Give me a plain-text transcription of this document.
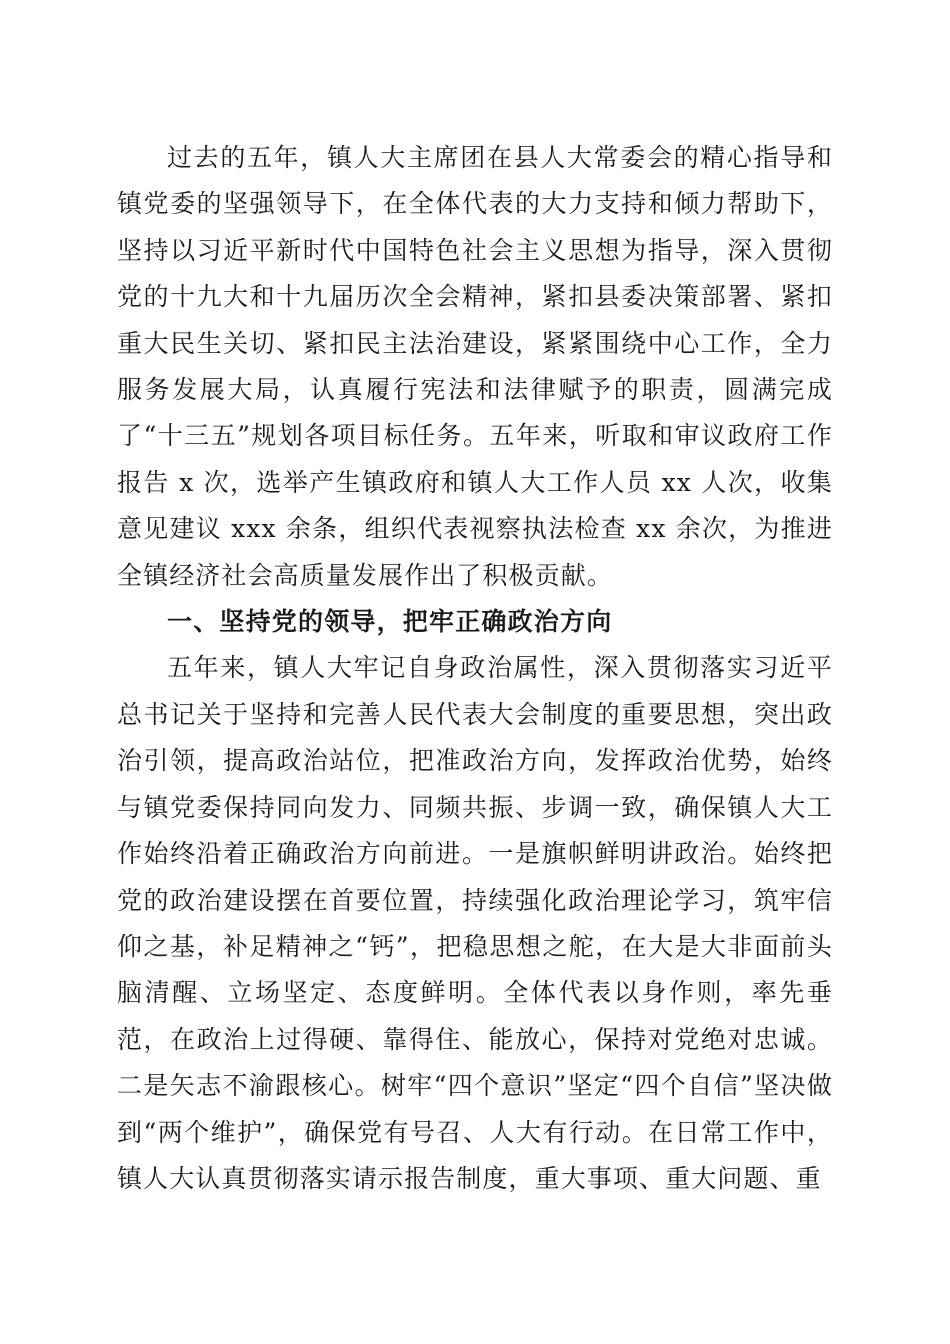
过去的五年，镇人大主席团在县人大常委会的精心指导和镇党委的坚强领导下，在全体代表的大力支持和倾力帮助下，坚持以习近平新时代中国特色社会主义思想为指导，深入贯彻党的十九大和十九届历次全会精神，紧扣县委决策部署、紧扣重大民生关切、紧扣民主法治建设，紧紧围绕中心工作，全力服务发展大局，认真履行宪法和法律赋予的职责，圆满完成了“十三五”规划各项目标任务。五年来，听取和审议政府工作报告 x 次，选举产生镇政府和镇人大工作人员 xx 人次，收集意见建议 xxx 余条，组织代表视察执法检查 xx 余次，为推进全镇经济社会高质量发展作出了积极贡献。

一、坚持党的领导，把牢正确政治方向

五年来，镇人大牢记自身政治属性，深入贯彻落实习近平总书记关于坚持和完善人民代表大会制度的重要思想，突出政治引领，提高政治站位，把准政治方向，发挥政治优势，始终与镇党委保持同向发力、同频共振、步调一致，确保镇人大工作始终沿着正确政治方向前进。一是旗帜鲜明讲政治。始终把党的政治建设摆在首要位置，持续强化政治理论学习，筑牢信仰之基，补足精神之“钙”，把稳思想之舵，在大是大非面前头脑清醒、立场坚定、态度鲜明。全体代表以身作则，率先垂范，在政治上过得硬、靠得住、能放心，保持对党绝对忠诚。二是矢志不渝跟核心。树牢“四个意识”坚定“四个自信”坚决做到“两个维护”，确保党有号召、人大有行动。在日常工作中，镇人大认真贯彻落实请示报告制度，重大事项、重大问题、重
